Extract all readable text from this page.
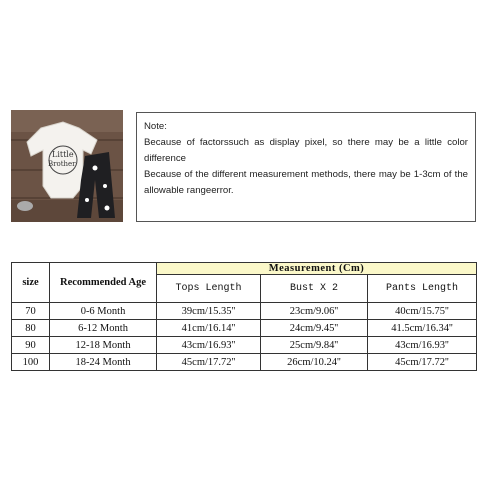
Little
Brother

Note:

Because of factorssuch as display pixel, so there may be a little color difference

Because of the different measurement methods, there may be 1-3cm of the allowable rangeerror.

size	Recommended Age	Measurement (Cm)		
		Tops Length	Bust X 2	Pants Length
70	0-6 Month	39cm/15.35''	23cm/9.06''	40cm/15.75''
80	6-12 Month	41cm/16.14''	24cm/9.45''	41.5cm/16.34''
90	12-18 Month	43cm/16.93''	25cm/9.84''	43cm/16.93''
100	18-24 Month	45cm/17.72''	26cm/10.24''	45cm/17.72''
